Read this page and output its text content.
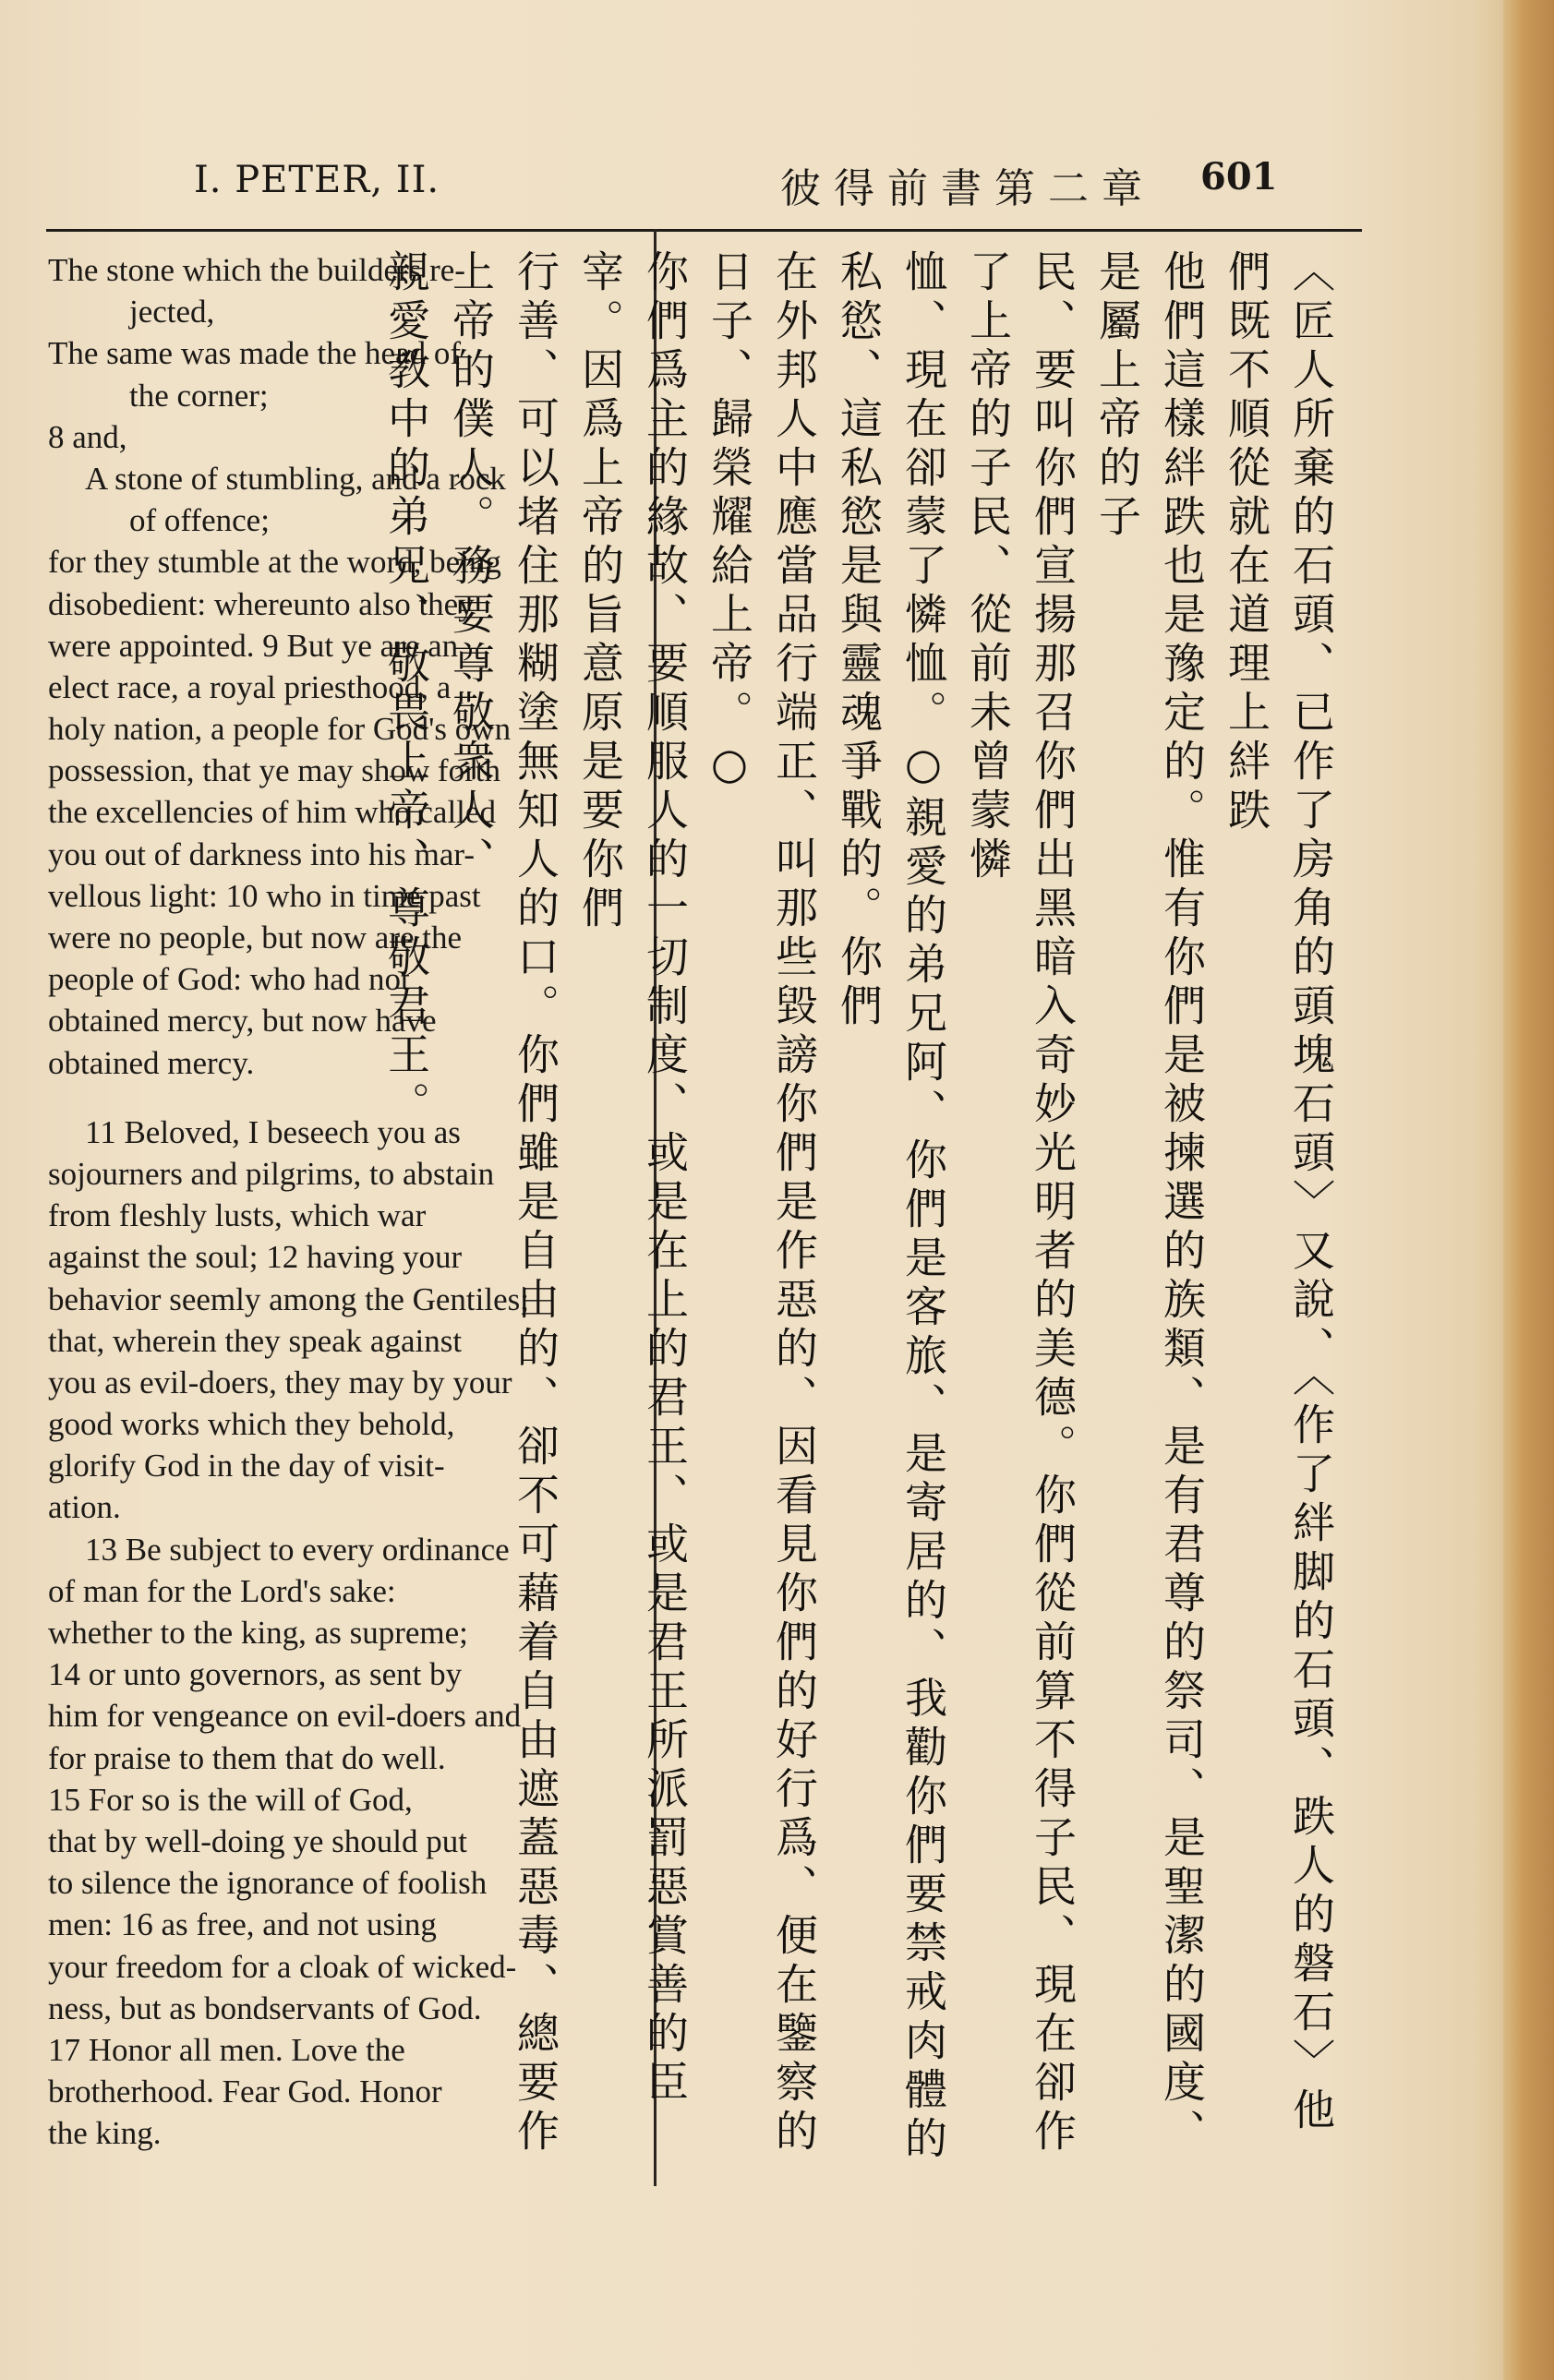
I. PETER, II.	彼得前書第二章 601
The stone which the builders re-
jected,
The same was made the head of
the corner;
8 and,
A stone of stumbling, and a rock
of offence;
for they stumble at the word, being
disobedient: whereunto also they
were appointed. 9 But ye are an
elect race, a royal priesthood, a
holy nation, a people for God's own
possession, that ye may show forth
the excellencies of him who called
you out of darkness into his mar-
vellous light: 10 who in time past
were no people, but now are the
people of God: who had not
obtained mercy, but now have
obtained mercy.
11 Beloved, I beseech you as
sojourners and pilgrims, to abstain
from fleshly lusts, which war
against the soul; 12 having your
behavior seemly among the Gentiles;
that, wherein they speak against
you as evil-doers, they may by your
good works which they behold,
glorify God in the day of visit-
ation.
13 Be subject to every ordinance
of man for the Lord's sake:
whether to the king, as supreme;
14 or unto governors, as sent by
him for vengeance on evil-doers and
for praise to them that do well.
15 For so is the will of God,
that by well-doing ye should put
to silence the ignorance of foolish
men: 16 as free, and not using
your freedom for a cloak of wicked-
ness, but as bondservants of God.
17 Honor all men. Love the
brotherhood. Fear God. Honor
the king.	〈匠人所棄的石頭、已作了房角的頭塊石頭〉又說、〈作了絆脚的石頭、跌人的磐石〉他們既不順從就在道理上絆跌
他們這樣絆跌也是豫定的。惟有你們是被揀選的族類、是有君尊的祭司、是聖潔的國度、是屬上帝的子
民、要叫你們宣揚那召你們出黑暗入奇妙光明者的美德。你們從前算不得子民、現在卻作了上帝的子民、從前未曾蒙憐
恤、現在卻蒙了憐恤。○親愛的弟兄阿、你們是客旅、是寄居的、我勸你們要禁戒肉體的私慾、這私慾是與靈魂爭戰的。你們
在外邦人中應當品行端正、叫那些毀謗你們是作惡的、因看見你們的好行爲、便在鑒察的日子、歸榮耀給上帝。○
你們爲主的緣故、要順服人的一切制度、或是在上的君王、或是君王所派罰惡賞善的臣宰。因爲上帝的旨意原是要你們
行善、可以堵住那糊塗無知人的口。你們雖是自由的、卻不可藉着自由遮蓋惡毒、總要作上帝的僕人。務要尊敬衆人、
親愛教中的弟兄、敬畏上帝、尊敬君王。
